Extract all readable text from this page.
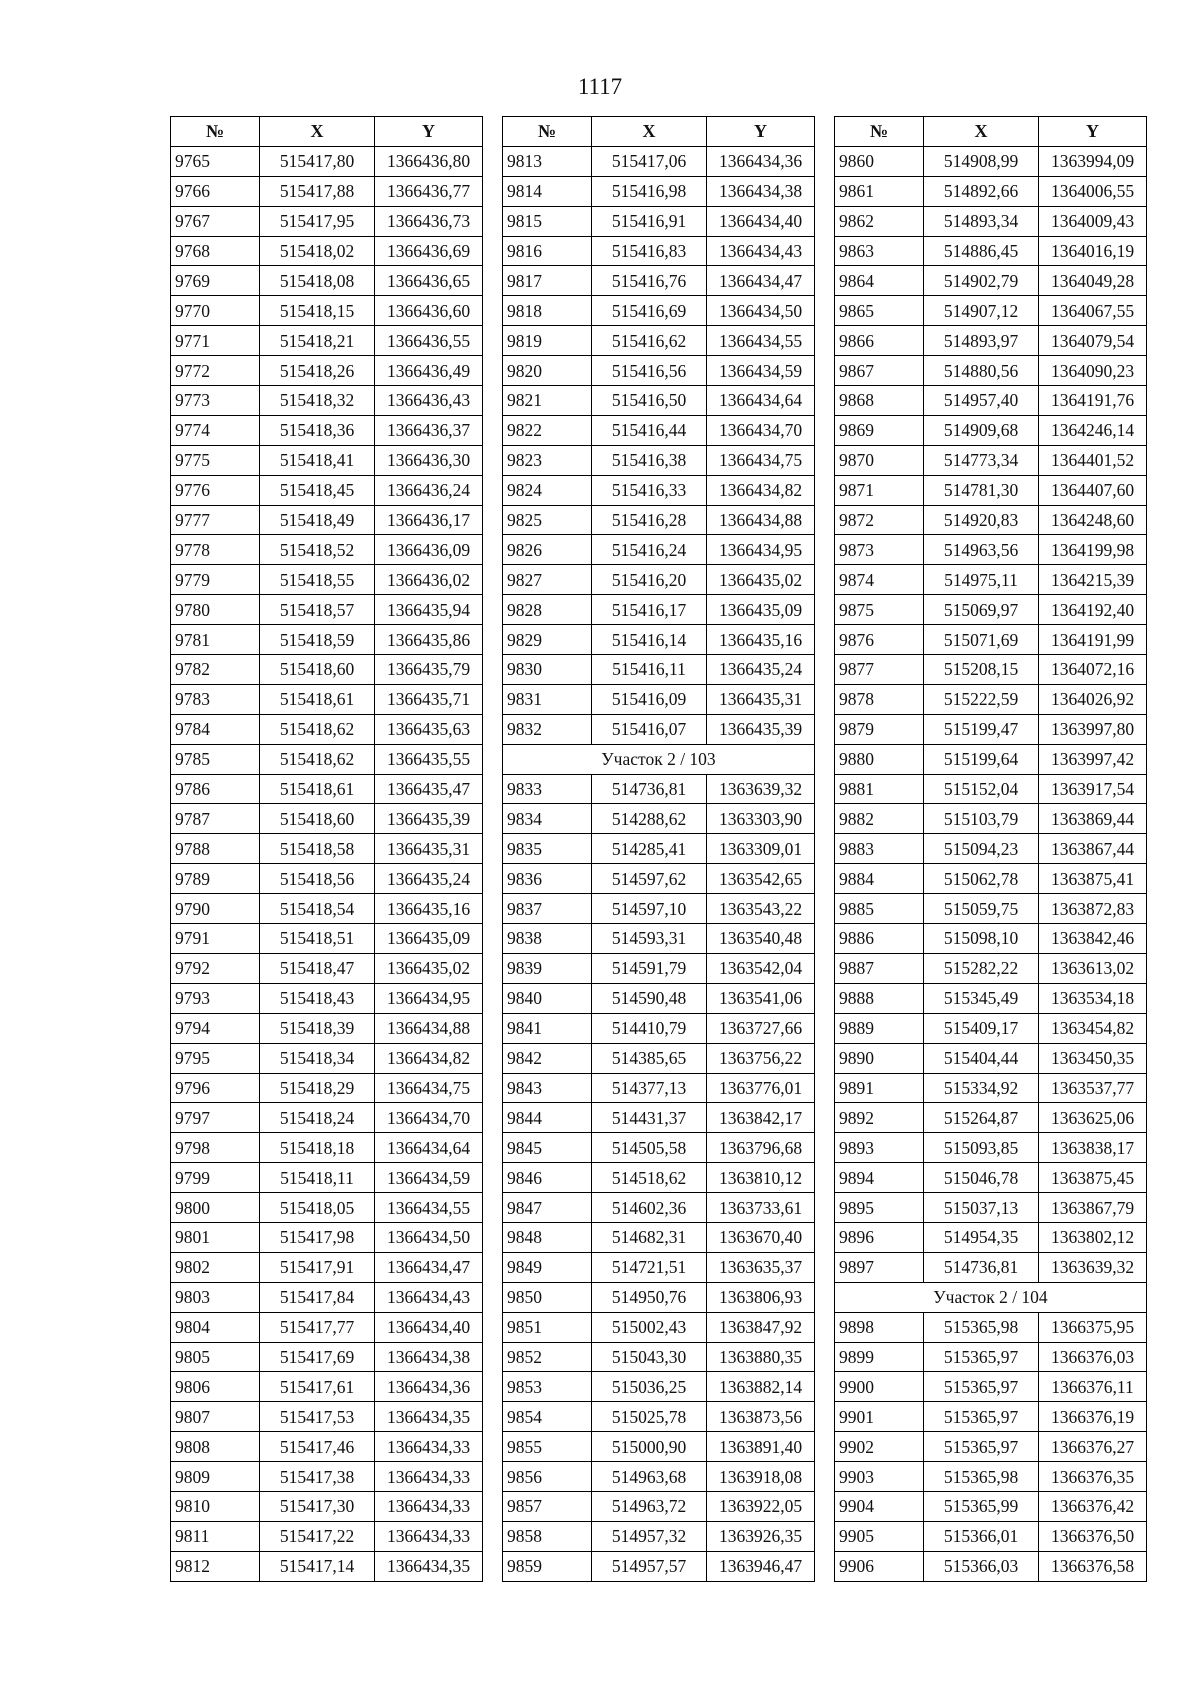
1117
№	X	Y
9765	515417,80	1366436,80
9766	515417,88	1366436,77
9767	515417,95	1366436,73
9768	515418,02	1366436,69
9769	515418,08	1366436,65
9770	515418,15	1366436,60
9771	515418,21	1366436,55
9772	515418,26	1366436,49
9773	515418,32	1366436,43
9774	515418,36	1366436,37
9775	515418,41	1366436,30
9776	515418,45	1366436,24
9777	515418,49	1366436,17
9778	515418,52	1366436,09
9779	515418,55	1366436,02
9780	515418,57	1366435,94
9781	515418,59	1366435,86
9782	515418,60	1366435,79
9783	515418,61	1366435,71
9784	515418,62	1366435,63
9785	515418,62	1366435,55
9786	515418,61	1366435,47
9787	515418,60	1366435,39
9788	515418,58	1366435,31
9789	515418,56	1366435,24
9790	515418,54	1366435,16
9791	515418,51	1366435,09
9792	515418,47	1366435,02
9793	515418,43	1366434,95
9794	515418,39	1366434,88
9795	515418,34	1366434,82
9796	515418,29	1366434,75
9797	515418,24	1366434,70
9798	515418,18	1366434,64
9799	515418,11	1366434,59
9800	515418,05	1366434,55
9801	515417,98	1366434,50
9802	515417,91	1366434,47
9803	515417,84	1366434,43
9804	515417,77	1366434,40
9805	515417,69	1366434,38
9806	515417,61	1366434,36
9807	515417,53	1366434,35
9808	515417,46	1366434,33
9809	515417,38	1366434,33
9810	515417,30	1366434,33
9811	515417,22	1366434,33
9812	515417,14	1366434,35
№	X	Y
9813	515417,06	1366434,36
9814	515416,98	1366434,38
9815	515416,91	1366434,40
9816	515416,83	1366434,43
9817	515416,76	1366434,47
9818	515416,69	1366434,50
9819	515416,62	1366434,55
9820	515416,56	1366434,59
9821	515416,50	1366434,64
9822	515416,44	1366434,70
9823	515416,38	1366434,75
9824	515416,33	1366434,82
9825	515416,28	1366434,88
9826	515416,24	1366434,95
9827	515416,20	1366435,02
9828	515416,17	1366435,09
9829	515416,14	1366435,16
9830	515416,11	1366435,24
9831	515416,09	1366435,31
9832	515416,07	1366435,39
Участок 2 / 103		
9833	514736,81	1363639,32
9834	514288,62	1363303,90
9835	514285,41	1363309,01
9836	514597,62	1363542,65
9837	514597,10	1363543,22
9838	514593,31	1363540,48
9839	514591,79	1363542,04
9840	514590,48	1363541,06
9841	514410,79	1363727,66
9842	514385,65	1363756,22
9843	514377,13	1363776,01
9844	514431,37	1363842,17
9845	514505,58	1363796,68
9846	514518,62	1363810,12
9847	514602,36	1363733,61
9848	514682,31	1363670,40
9849	514721,51	1363635,37
9850	514950,76	1363806,93
9851	515002,43	1363847,92
9852	515043,30	1363880,35
9853	515036,25	1363882,14
9854	515025,78	1363873,56
9855	515000,90	1363891,40
9856	514963,68	1363918,08
9857	514963,72	1363922,05
9858	514957,32	1363926,35
9859	514957,57	1363946,47
№	X	Y
9860	514908,99	1363994,09
9861	514892,66	1364006,55
9862	514893,34	1364009,43
9863	514886,45	1364016,19
9864	514902,79	1364049,28
9865	514907,12	1364067,55
9866	514893,97	1364079,54
9867	514880,56	1364090,23
9868	514957,40	1364191,76
9869	514909,68	1364246,14
9870	514773,34	1364401,52
9871	514781,30	1364407,60
9872	514920,83	1364248,60
9873	514963,56	1364199,98
9874	514975,11	1364215,39
9875	515069,97	1364192,40
9876	515071,69	1364191,99
9877	515208,15	1364072,16
9878	515222,59	1364026,92
9879	515199,47	1363997,80
9880	515199,64	1363997,42
9881	515152,04	1363917,54
9882	515103,79	1363869,44
9883	515094,23	1363867,44
9884	515062,78	1363875,41
9885	515059,75	1363872,83
9886	515098,10	1363842,46
9887	515282,22	1363613,02
9888	515345,49	1363534,18
9889	515409,17	1363454,82
9890	515404,44	1363450,35
9891	515334,92	1363537,77
9892	515264,87	1363625,06
9893	515093,85	1363838,17
9894	515046,78	1363875,45
9895	515037,13	1363867,79
9896	514954,35	1363802,12
9897	514736,81	1363639,32
Участок 2 / 104		
9898	515365,98	1366375,95
9899	515365,97	1366376,03
9900	515365,97	1366376,11
9901	515365,97	1366376,19
9902	515365,97	1366376,27
9903	515365,98	1366376,35
9904	515365,99	1366376,42
9905	515366,01	1366376,50
9906	515366,03	1366376,58
